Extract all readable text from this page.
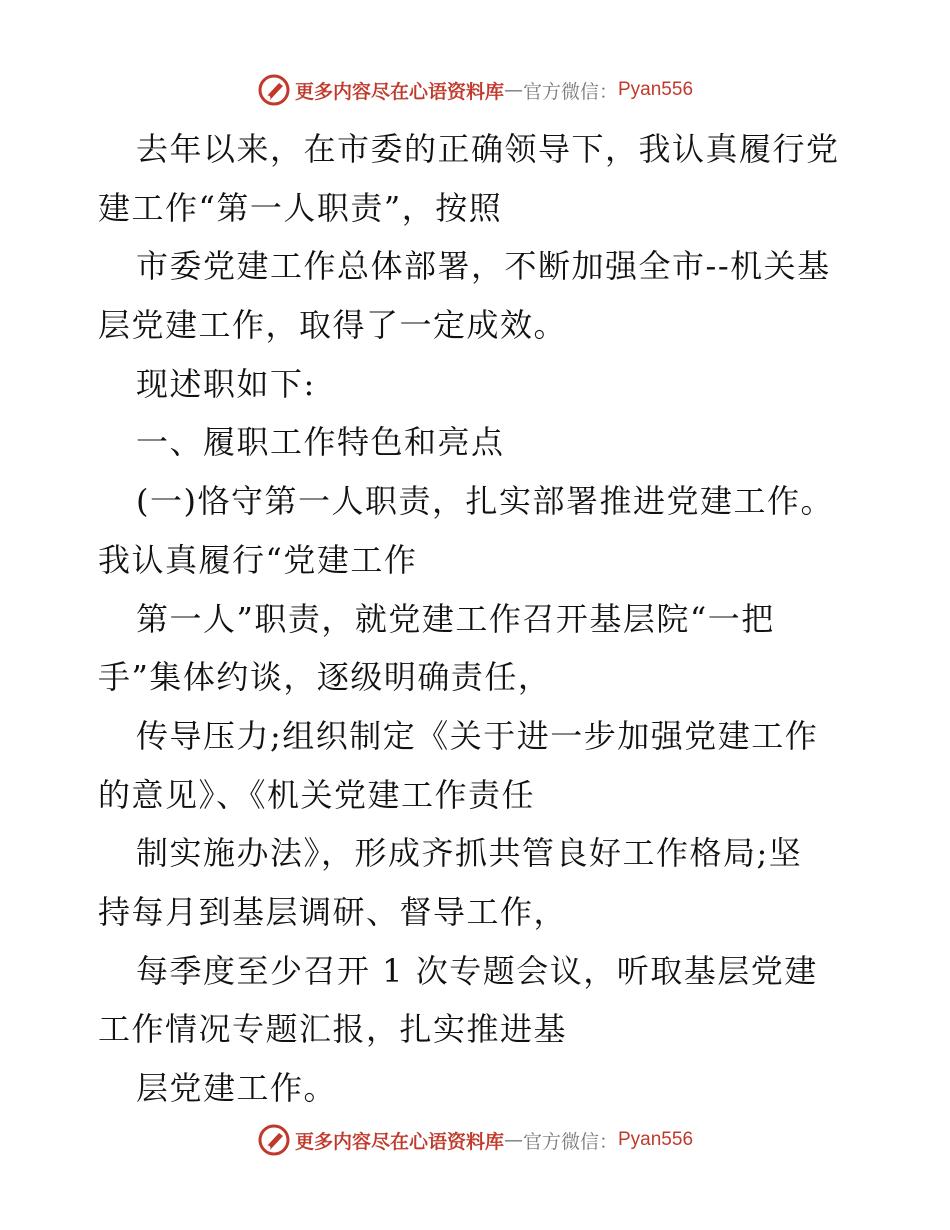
更多内容尽在心语资料库 — 官方微信： Pyan556
去年以来，在市委的正确领导下，我认真履行党
建工作“第一人职责”，按照
市委党建工作总体部署，不断加强全市--机关基
层党建工作，取得了一定成效。
现述职如下:
一、履职工作特色和亮点
(一)恪守第一人职责，扎实部署推进党建工作。
我认真履行“党建工作
第一人”职责，就党建工作召开基层院“一把
手”集体约谈，逐级明确责任，
传导压力;组织制定《关于进一步加强党建工作
的意见》、《机关党建工作责任
制实施办法》，形成齐抓共管良好工作格局;坚
持每月到基层调研、督导工作，
每季度至少召开 1 次专题会议，听取基层党建
工作情况专题汇报，扎实推进基
层党建工作。
更多内容尽在心语资料库 — 官方微信： Pyan556
